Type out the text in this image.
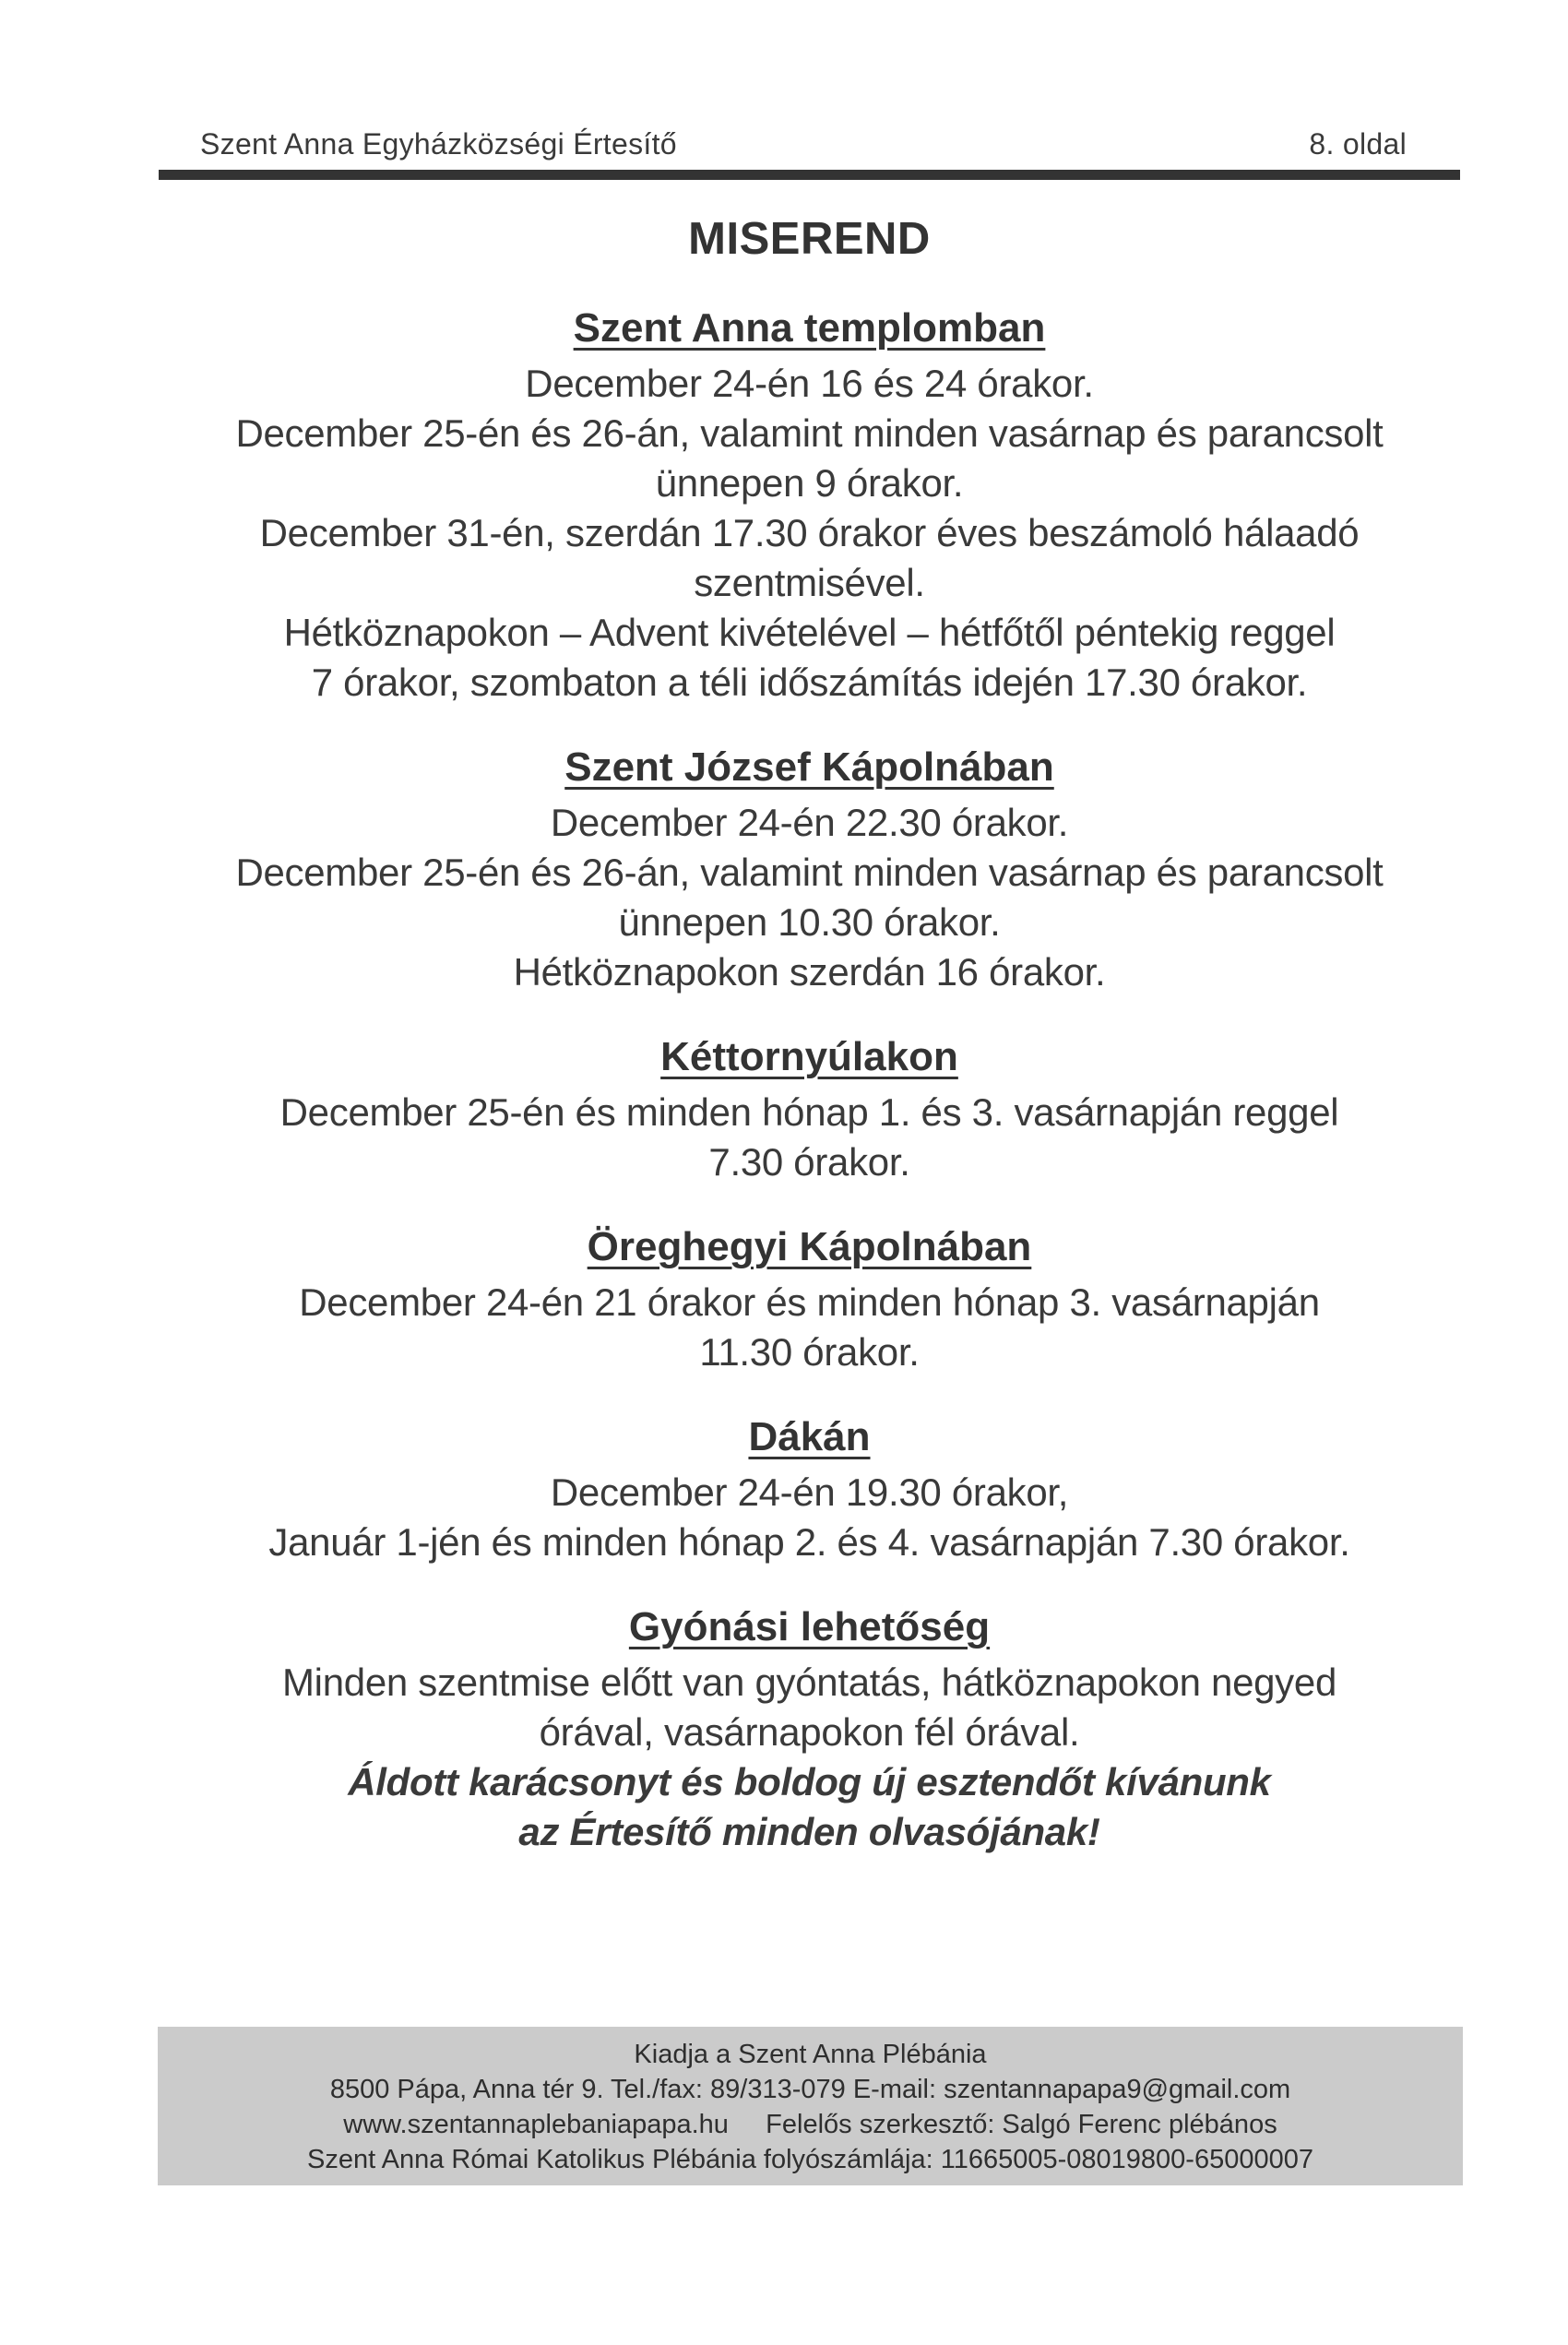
Szent Anna Egyházközségi Értesítő	8. oldal
MISEREND
Szent Anna templomban
December 24-én 16 és 24 órakor.
December 25-én és 26-án, valamint minden vasárnap és parancsolt
ünnepen 9 órakor.
December 31-én, szerdán 17.30 órakor éves beszámoló hálaadó
szentmisével.
Hétköznapokon – Advent kivételével – hétfőtől péntekig reggel
7 órakor, szombaton a téli időszámítás idején 17.30 órakor.
Szent József Kápolnában
December 24-én 22.30 órakor.
December 25-én és 26-án, valamint minden vasárnap és parancsolt
ünnepen 10.30 órakor.
Hétköznapokon szerdán 16 órakor.
Kéttornyúlakon
December 25-én és minden hónap 1. és 3. vasárnapján reggel
7.30 órakor.
Öreghegyi Kápolnában
December 24-én 21 órakor és minden hónap 3. vasárnapján
11.30 órakor.
Dákán
December 24-én 19.30 órakor,
Január 1-jén és minden hónap 2. és 4. vasárnapján 7.30 órakor.
Gyónási lehetőség
Minden szentmise előtt van gyóntatás, hátköznapokon negyed
órával, vasárnapokon fél órával.
Áldott karácsonyt és boldog új esztendőt kívánunk
az Értesítő minden olvasójának!
Kiadja a Szent Anna Plébánia
8500 Pápa, Anna tér 9. Tel./fax: 89/313-079 E-mail: szentannapapa9@gmail.com
www.szentannaplebaniapapa.hu     Felelős szerkesztő: Salgó Ferenc plébános
Szent Anna Római Katolikus Plébánia folyószámlája: 11665005-08019800-65000007
